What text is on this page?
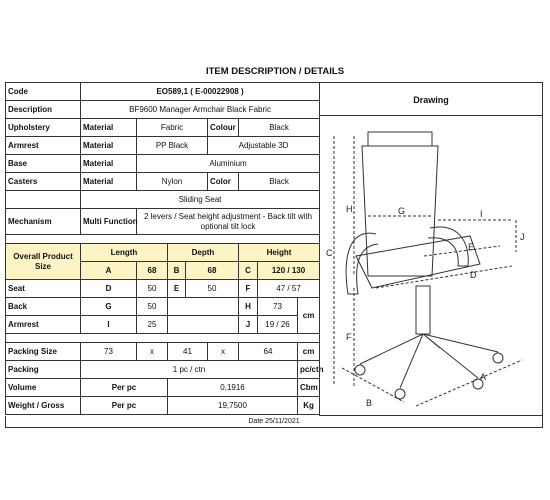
ITEM DESCRIPTION / DETAILS
Code	EO589,1 ( E-00022908 )								
Description	BF9600 Manager Armchair Black Fabric								
Upholstery	Material	Fabric			Colour	Black			
Armrest	Material	PP Black			Adjustable 3D				
Base	Material	Aluminium							
Casters	Material	Nylon			Color	Black			
	Sliding Seat								
Mechanism	Multi Function	2 levers / Seat height adjustment - Back tilt with optional tilt lock							

Overall Product Size	Length		Depth			Height			
	A	68	B	68		C	120 / 130	
Seat	D	50	E	50		F	47 / 57		
Back	G	50				H	73	cm	
Armrest	I	25				J	19 / 26		

Packing Size	73	x	41		x	64		cm	
Packing	1 pc / ctn							pc/ctn	
Volume	Per pc		0,1916					Cbm	
Weight / Gross	Per pc		19,7500					Kg	
Drawing
C
H
F
G	I
J
E
D
B
A
Date 25/11/2021
